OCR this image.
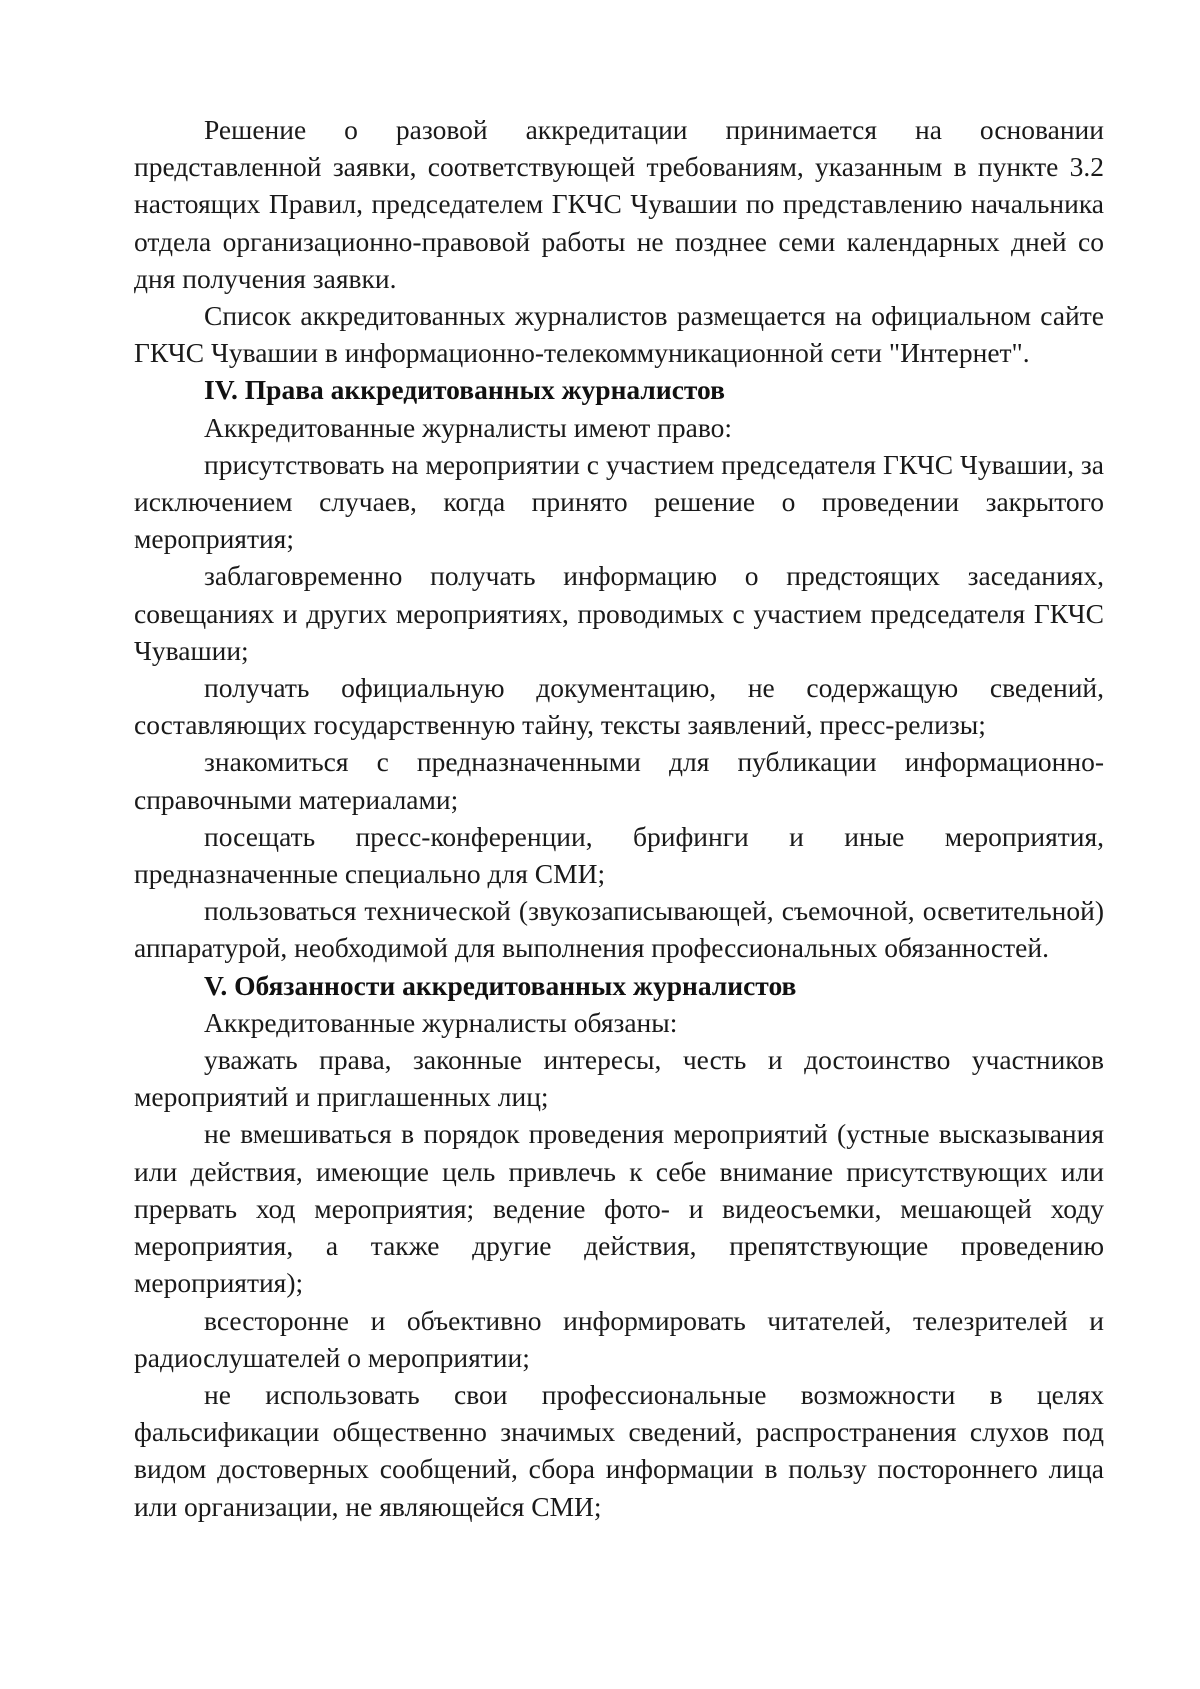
Решение о разовой аккредитации принимается на основании представленной заявки, соответствующей требованиям, указанным в пункте 3.2 настоящих Правил, председателем ГКЧС Чувашии по представлению начальника отдела организационно-правовой работы не позднее семи календарных дней со дня получения заявки.

Список аккредитованных журналистов размещается на официальном сайте ГКЧС Чувашии в информационно-телекоммуникационной сети "Интернет".

IV. Права аккредитованных журналистов

Аккредитованные журналисты имеют право:

присутствовать на мероприятии с участием председателя ГКЧС Чувашии, за исключением случаев, когда принято решение о проведении закрытого мероприятия;

заблаговременно получать информацию о предстоящих заседаниях, совещаниях и других мероприятиях, проводимых с участием председателя ГКЧС Чувашии;

получать официальную документацию, не содержащую сведений, составляющих государственную тайну, тексты заявлений, пресс-релизы;

знакомиться с предназначенными для публикации информационно-справочными материалами;

посещать пресс-конференции, брифинги и иные мероприятия, предназначенные специально для СМИ;

пользоваться технической (звукозаписывающей, съемочной, осветительной) аппаратурой, необходимой для выполнения профессиональных обязанностей.

V. Обязанности аккредитованных журналистов

Аккредитованные журналисты обязаны:

уважать права, законные интересы, честь и достоинство участников мероприятий и приглашенных лиц;

не вмешиваться в порядок проведения мероприятий (устные высказывания или действия, имеющие цель привлечь к себе внимание присутствующих или прервать ход мероприятия; ведение фото- и видеосъемки, мешающей ходу мероприятия, а также другие действия, препятствующие проведению мероприятия);

всесторонне и объективно информировать читателей, телезрителей и радиослушателей о мероприятии;

не использовать свои профессиональные возможности в целях фальсификации общественно значимых сведений, распространения слухов под видом достоверных сообщений, сбора информации в пользу постороннего лица или организации, не являющейся СМИ;
